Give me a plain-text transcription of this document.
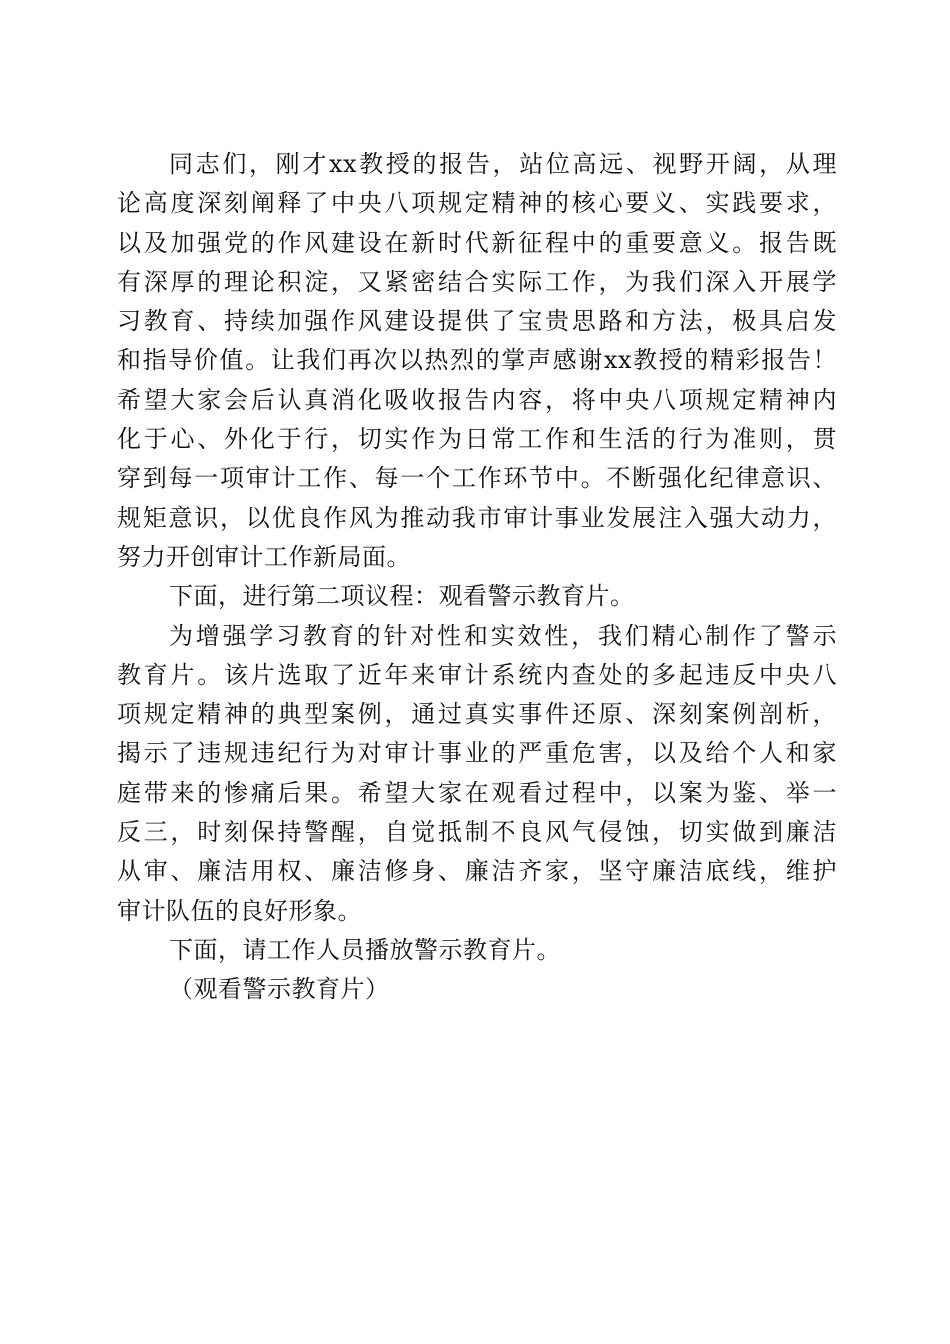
同志们，刚才xx教授的报告，站位高远、视野开阔，从理
论高度深刻阐释了中央八项规定精神的核心要义、实践要求，
以及加强党的作风建设在新时代新征程中的重要意义。报告既
有深厚的理论积淀，又紧密结合实际工作，为我们深入开展学
习教育、持续加强作风建设提供了宝贵思路和方法，极具启发
和指导价值。让我们再次以热烈的掌声感谢xx教授的精彩报告！
希望大家会后认真消化吸收报告内容，将中央八项规定精神内
化于心、外化于行，切实作为日常工作和生活的行为准则，贯
穿到每一项审计工作、每一个工作环节中。不断强化纪律意识、
规矩意识，以优良作风为推动我市审计事业发展注入强大动力，
努力开创审计工作新局面。
下面，进行第二项议程：观看警示教育片。
为增强学习教育的针对性和实效性，我们精心制作了警示
教育片。该片选取了近年来审计系统内查处的多起违反中央八
项规定精神的典型案例，通过真实事件还原、深刻案例剖析，
揭示了违规违纪行为对审计事业的严重危害，以及给个人和家
庭带来的惨痛后果。希望大家在观看过程中，以案为鉴、举一
反三，时刻保持警醒，自觉抵制不良风气侵蚀，切实做到廉洁
从审、廉洁用权、廉洁修身、廉洁齐家，坚守廉洁底线，维护
审计队伍的良好形象。
下面，请工作人员播放警示教育片。
（观看警示教育片）
